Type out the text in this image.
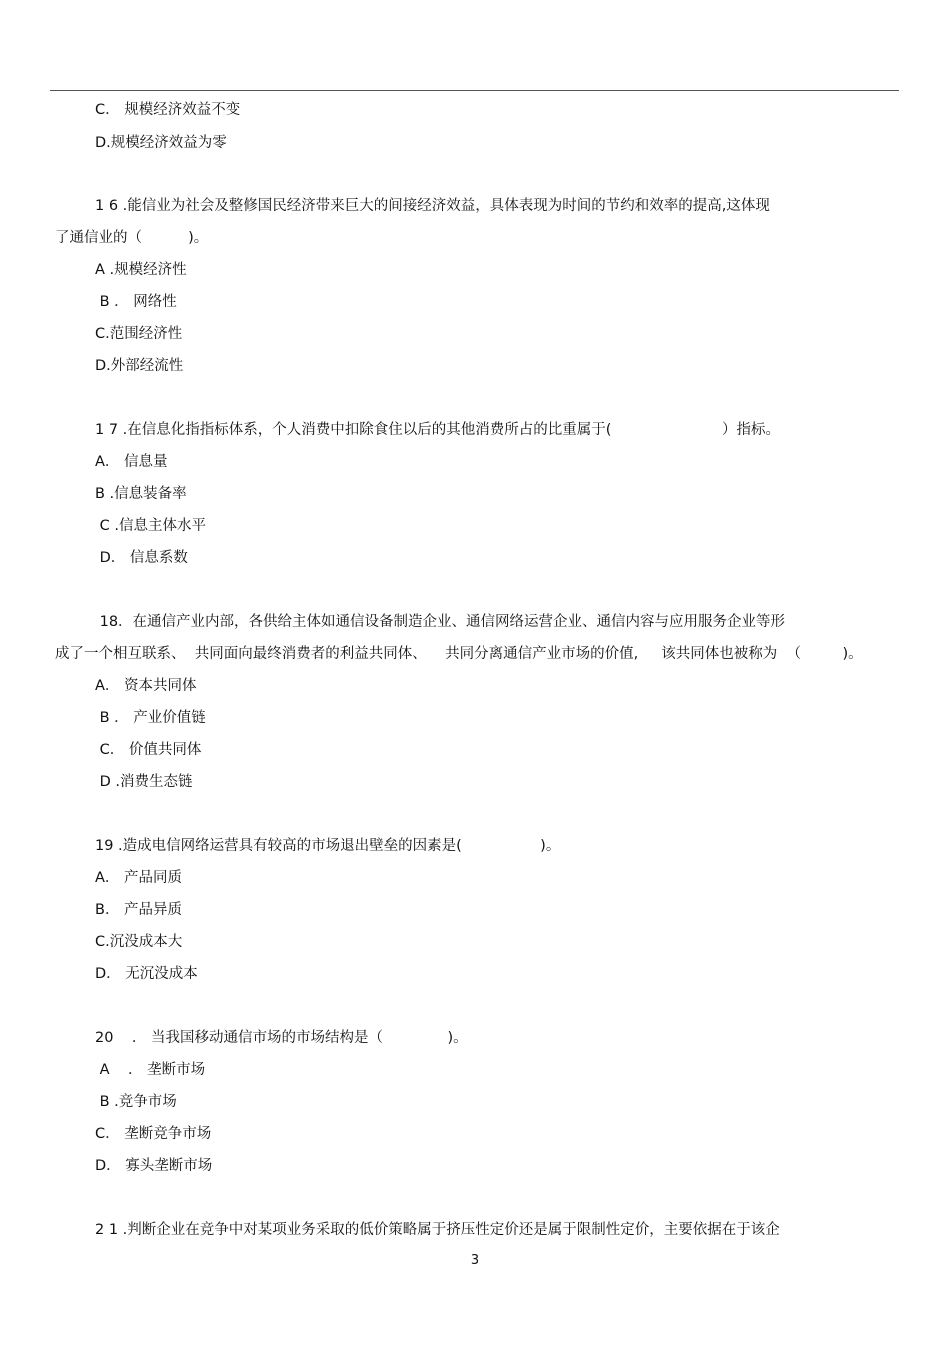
C． 规模经济效益不变
D.规模经济效益为零
1 6 .能信业为社会及整修国民经济带来巨大的间接经济效益，具体表现为时间的节约和效率的提高,这体现
了通信业的（          )。
A .规模经济性
B ． 网络性
C.范围经济性
D.外部经流性
1 7 .在信息化指指标体系，个人消费中扣除食住以后的其他消费所占的比重属于(                        ）指标。
A． 信息量
B .信息装备率
C .信息主体水平
D． 信息系数
18．在通信产业内部，各供给主体如通信设备制造企业、通信网络运营企业、通信内容与应用服务企业等形
成了一个相互联系、  共同面向最终消费者的利益共同体、    共同分离通信产业市场的价值,     该共同体也被称为  （         )。
A． 资本共同体
B ． 产业价值链
C． 价值共同体
D .消费生态链
19 .造成电信网络运营具有较高的市场退出壁垒的因素是(                 )。
A． 产品同质
B． 产品异质
C.沉没成本大
D． 无沉没成本
20    ． 当我国移动通信市场的市场结构是（              )。
A    ． 垄断市场
B .竞争市场
C． 垄断竞争市场
D． 寡头垄断市场
2 1 .判断企业在竞争中对某项业务采取的低价策略属于挤压性定价还是属于限制性定价，主要依据在于该企
3
